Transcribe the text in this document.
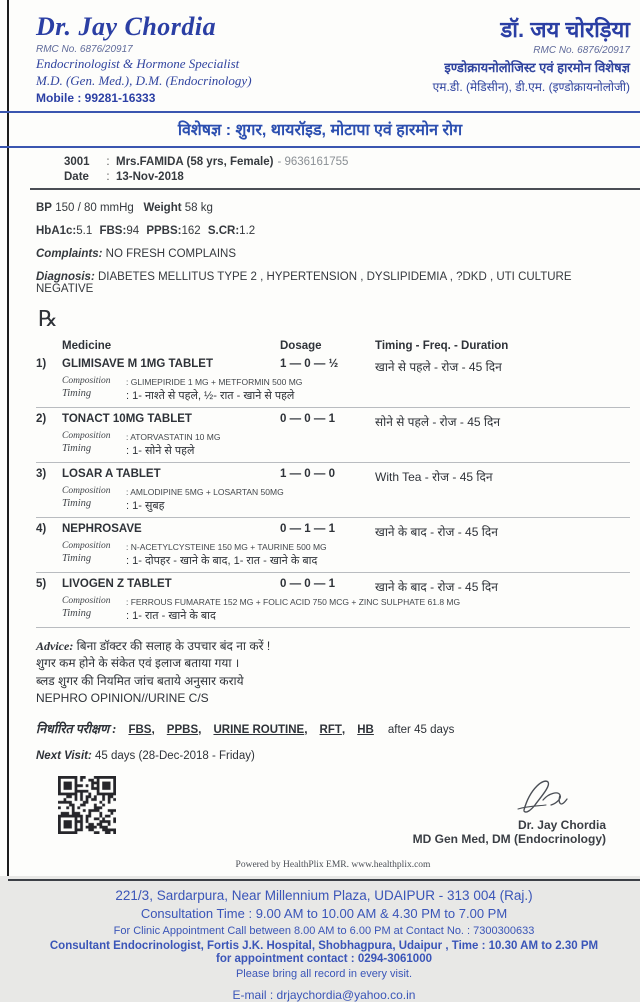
Dr. Jay Chordia
RMC No. 6876/20917
Endocrinologist & Hormone Specialist
M.D. (Gen. Med.), D.M. (Endocrinology)
Mobile : 99281-16333
डॉ. जय चोरड़िया
RMC No. 6876/20917
इण्डोक्रायनोलोजिस्ट एवं हारमोन विशेषज्ञ
एम.डी. (मेडिसीन), डी.एम. (इण्डोक्रायनोलोजी)
विशेषज्ञ : शुगर, थायरॉइड, मोटापा एवं हारमोन रोग
3001	: Mrs.FAMIDA (58 yrs, Female) - 9636161755
Date	: 13-Nov-2018
BP 150 / 80 mmHg Weight 58 kg
HbA1c:5.1 FBS:94 PPBS:162 S.CR:1.2
Complaints: NO FRESH COMPLAINS
Diagnosis: DIABETES MELLITUS TYPE 2 , HYPERTENSION , DYSLIPIDEMIA , ?DKD , UTI CULTURE NEGATIVE
℞
Medicine	Dosage	Timing - Freq. - Duration
1)	GLIMISAVE M 1MG TABLET	1 — 0 — ½	खाने से पहले - रोज - 45 दिन
Composition	: GLIMEPIRIDE 1 MG + METFORMIN 500 MG
Timing	: 1- नाश्ते से पहले, ½- रात - खाने से पहले
2)	TONACT 10MG TABLET	0 — 0 — 1	सोने से पहले - रोज - 45 दिन
Composition	: ATORVASTATIN 10 MG
Timing	: 1- सोने से पहले
3)	LOSAR A TABLET	1 — 0 — 0	With Tea - रोज - 45 दिन
Composition	: AMLODIPINE 5MG + LOSARTAN 50MG
Timing	: 1- सुबह
4)	NEPHROSAVE	0 — 1 — 1	खाने के बाद - रोज - 45 दिन
Composition	: N-ACETYLCYSTEINE 150 MG + TAURINE 500 MG
Timing	: 1- दोपहर - खाने के बाद, 1- रात - खाने के बाद
5)	LIVOGEN Z TABLET	0 — 0 — 1	खाने के बाद - रोज - 45 दिन
Composition	: FERROUS FUMARATE 152 MG + FOLIC ACID 750 MCG + ZINC SULPHATE 61.8 MG
Timing	: 1- रात - खाने के बाद
Advice: बिना डॉक्टर की सलाह के उपचार बंद ना करें !
शुगर कम होने के संकेत एवं इलाज बताया गया ।
ब्लड शुगर की नियमित जांच बताये अनुसार कराये
NEPHRO OPINION//URINE C/S
निर्धारित परीक्षण : FBS, PPBS, URINE ROUTINE, RFT, HB after 45 days
Next Visit: 45 days (28-Dec-2018 - Friday)
Dr. Jay Chordia
MD Gen Med, DM (Endocrinology)
Powered by HealthPlix EMR. www.healthplix.com
221/3, Sardarpura, Near Millennium Plaza, UDAIPUR - 313 004 (Raj.)
Consultation Time : 9.00 AM to 10.00 AM & 4.30 PM to 7.00 PM
For Clinic Appointment Call between 8.00 AM to 6.00 PM at Contact No. : 7300300633
Consultant Endocrinologist, Fortis J.K. Hospital, Shobhagpura, Udaipur , Time : 10.30 AM to 2.30 PM
for appointment contact : 0294-3061000
Please bring all record in every visit.
E-mail : drjaychordia@yahoo.co.in
